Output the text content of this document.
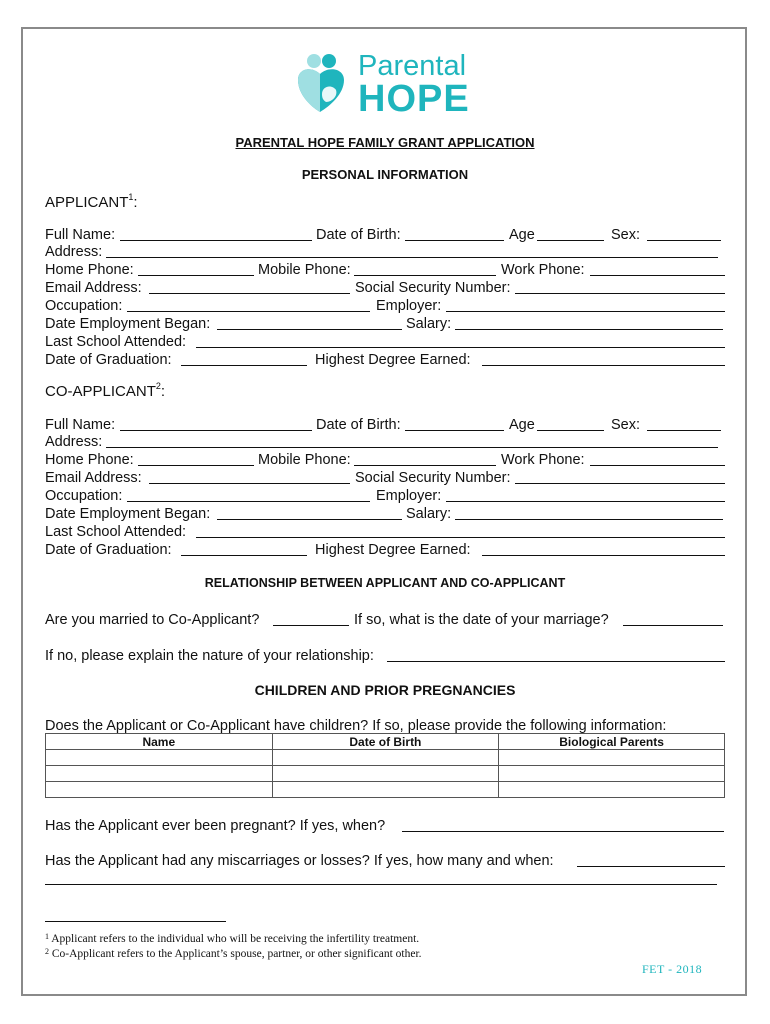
Parental
HOPE
PARENTAL HOPE FAMILY GRANT APPLICATION
PERSONAL INFORMATION
APPLICANT$^1$:
Full Name:	Date of Birth:	Age	Sex:
Address:
Home Phone:	Mobile Phone:	Work Phone:
Email Address:	Social Security Number:
Occupation:	Employer:
Date Employment Began:	Salary:
Last School Attended:
Date of Graduation:	Highest Degree Earned:
CO-APPLICANT$^2$:
Full Name:	Date of Birth:	Age	Sex:
Address:
Home Phone:	Mobile Phone:	Work Phone:
Email Address:	Social Security Number:
Occupation:	Employer:
Date Employment Began:	Salary:
Last School Attended:
Date of Graduation:	Highest Degree Earned:
RELATIONSHIP BETWEEN APPLICANT AND CO-APPLICANT
Are you married to Co-Applicant?	If so, what is the date of your marriage?
If no, please explain the nature of your relationship:
CHILDREN AND PRIOR PREGNANCIES
Does the Applicant or Co-Applicant have children? If so, please provide the following information:
Name	Date of Birth	Biological Parents

Has the Applicant ever been pregnant? If yes, when?
Has the Applicant had any miscarriages or losses? If yes, how many and when:
$^1$ Applicant refers to the individual who will be receiving the infertility treatment.
$^2$ Co-Applicant refers to the Applicant’s spouse, partner, or other significant other.
FET - 2018
